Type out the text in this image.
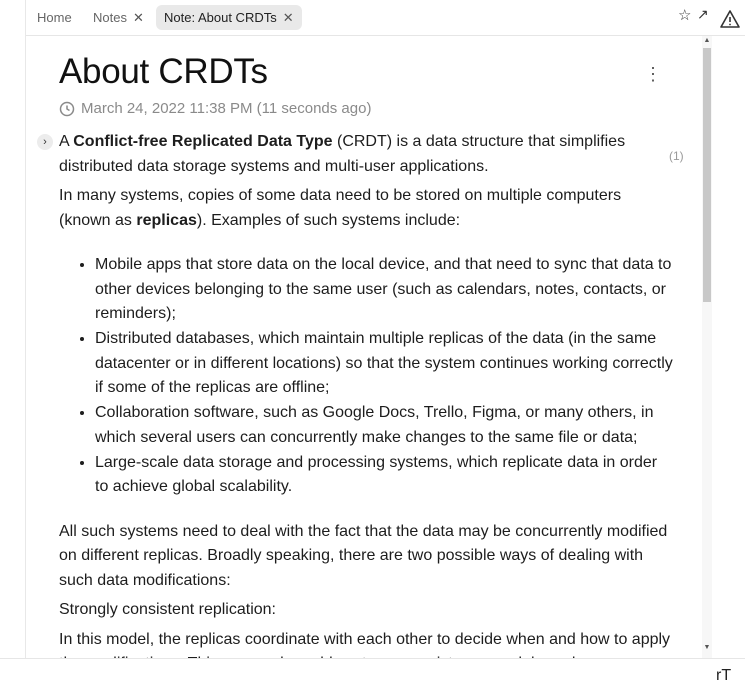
Home	Notes ✕	Note: About CRDTs ✕	☆ ↗
About CRDTs	⋮
March 24, 2022 11:38 PM (11 seconds ago)
›
(1)

A Conflict-free Replicated Data Type (CRDT) is a data structure that simplifies distributed data storage systems and multi-user applications.

In many systems, copies of some data need to be stored on multiple computers (known as replicas). Examples of such systems include:

• Mobile apps that store data on the local device, and that need to sync that data to other devices belonging to the same user (such as calendars, notes, contacts, or reminders);
• Distributed databases, which maintain multiple replicas of the data (in the same datacenter or in different locations) so that the system continues working correctly if some of the replicas are offline;
• Collaboration software, such as Google Docs, Trello, Figma, or many others, in which several users can concurrently make changes to the same file or data;
• Large-scale data storage and processing systems, which replicate data in order to achieve global scalability.

All such systems need to deal with the fact that the data may be concurrently modified on different replicas. Broadly speaking, there are two possible ways of dealing with such data modifications:

Strongly consistent replication:

In this model, the replicas coordinate with each other to decide when and how to apply

▲
▼
rT
